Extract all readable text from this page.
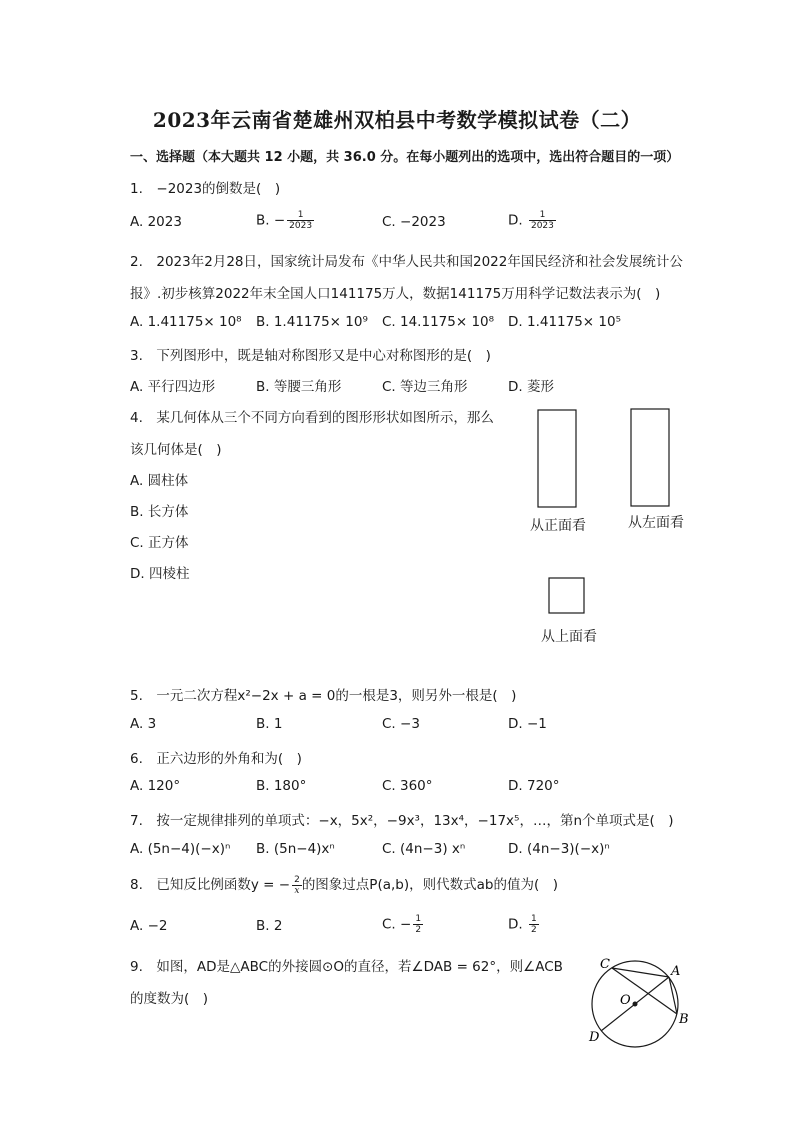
2023年云南省楚雄州双柏县中考数学模拟试卷（二）
一、选择题（本大题共 12 小题，共 36.0 分。在每小题列出的选项中，选出符合题目的一项）
1.　−2023的倒数是(　)
A. 2023	B. − $\frac{1}{2023}$	C. −2023	D. $\frac{1}{2023}$
2.　2023年2月28日，国家统计局发布《中华人民共和国2022年国民经济和社会发展统计公
报》.初步核算2022年末全国人口141175万人，数据141175万用科学记数法表示为(　)
A. 1.41175× 10⁸ B. 1.41175× 10⁹ C. 14.1175× 10⁸ D. 1.41175× 10⁵
3.　下列图形中，既是轴对称图形又是中心对称图形的是(　)
A. 平行四边形	B. 等腰三角形	C. 等边三角形	D. 菱形
4.　某几何体从三个不同方向看到的图形形状如图所示，那么
该几何体是(　)
A. 圆柱体
B. 长方体
C. 正方体
D. 四棱柱
从正面看	从左面看
从上面看
5.　一元二次方程x²−2x + a = 0的一根是3，则另外一根是(　)
A. 3	B. 1	C. −3	D. −1
6.　正六边形的外角和为(　)
A. 120°	B. 180°	C. 360°	D. 720°
7.　按一定规律排列的单项式：−x，5x²，−9x³，13x⁴，−17x⁵，…，第n个单项式是(　)
A. (5n−4)(−x)ⁿ B. (5n−4)xⁿ	C. (4n−3) xⁿ	D. (4n−3)(−x)ⁿ
8.　已知反比例函数y = − $\frac{2}{x}$ 的图象过点P(a,b)，则代数式ab的值为(　)
A. −2	B. 2	C. − $\frac{1}{2}$	D. $\frac{1}{2}$
9.　如图，AD是△ABC的外接圆⊙O的直径，若∠DAB = 62°，则∠ACB
的度数为(　)
C	A
B
D
O
